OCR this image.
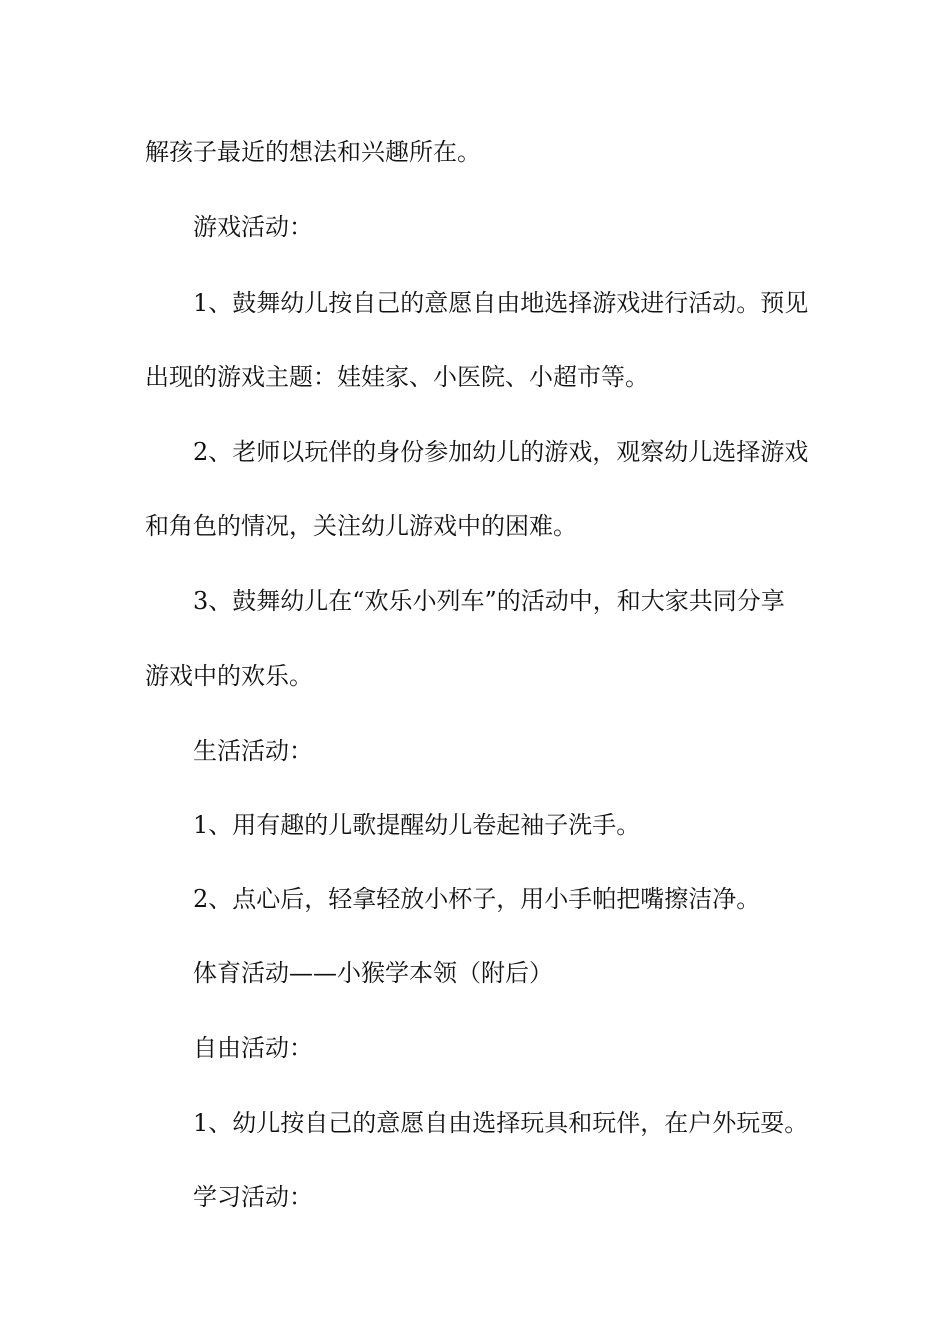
解孩子最近的想法和兴趣所在。
游戏活动：
1、鼓舞幼儿按自己的意愿自由地选择游戏进行活动。预见
出现的游戏主题：娃娃家、小医院、小超市等。
2、老师以玩伴的身份参加幼儿的游戏，观察幼儿选择游戏
和角色的情况，关注幼儿游戏中的困难。
3、鼓舞幼儿在“欢乐小列车”的活动中，和大家共同分享
游戏中的欢乐。
生活活动：
1、用有趣的儿歌提醒幼儿卷起袖子洗手。
2、点心后，轻拿轻放小杯子，用小手帕把嘴擦洁净。
体育活动——小猴学本领（附后）
自由活动：
1、幼儿按自己的意愿自由选择玩具和玩伴，在户外玩耍。
学习活动：
